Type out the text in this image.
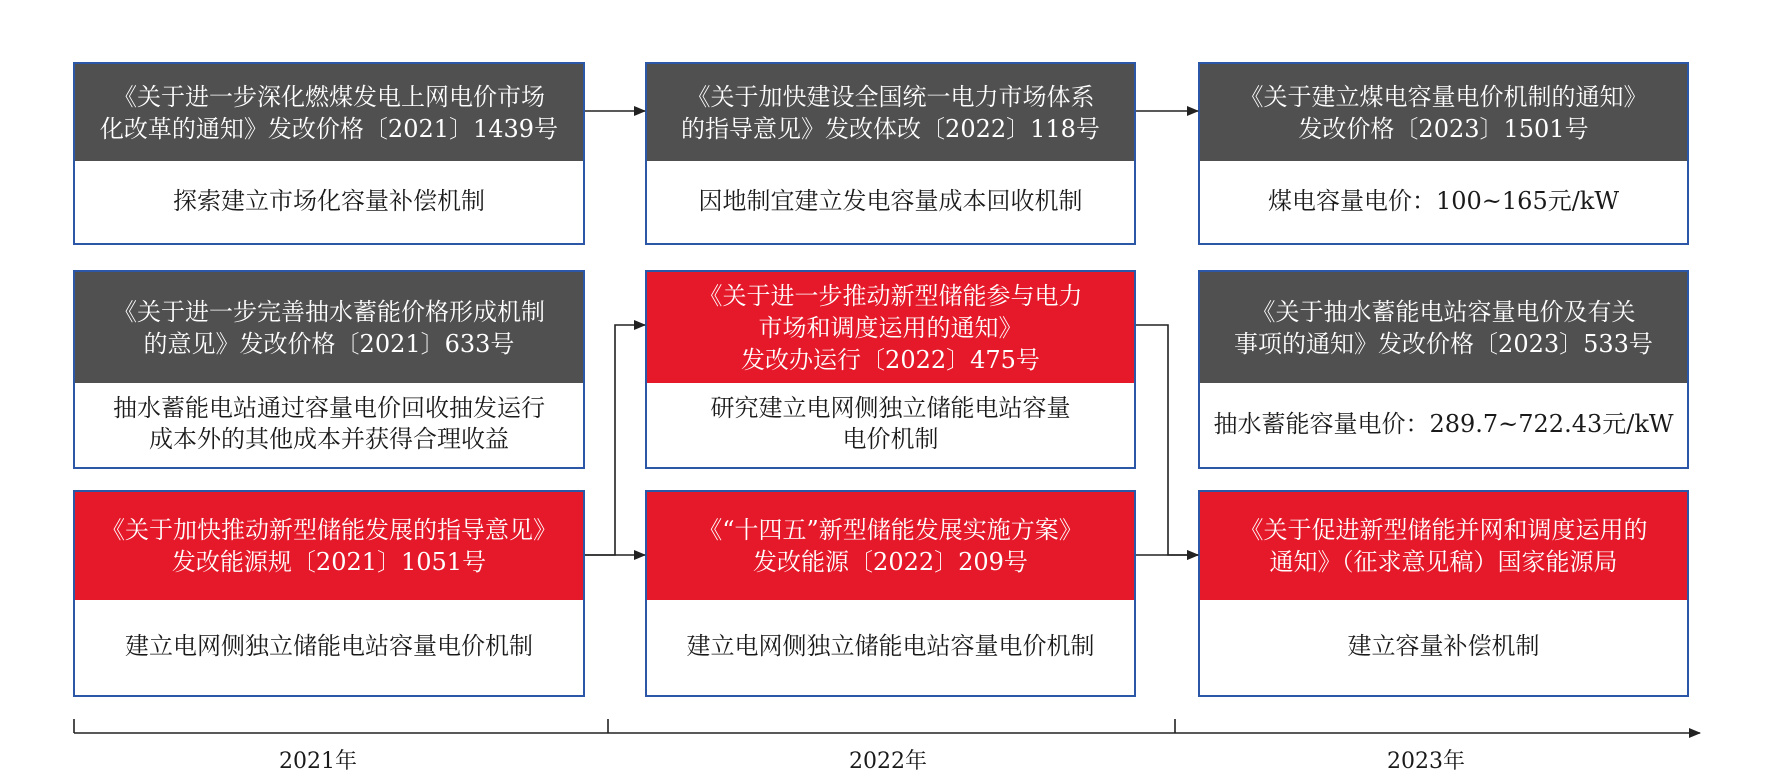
《关于进一步深化燃煤发电上网电价市场
化改革的通知》发改价格〔2021〕1439号
探索建立市场化容量补偿机制
《关于加快建设全国统一电力市场体系
的指导意见》发改体改〔2022〕118号
因地制宜建立发电容量成本回收机制
《关于建立煤电容量电价机制的通知》
发改价格〔2023〕1501号
煤电容量电价：100~165元/kW
《关于进一步完善抽水蓄能价格形成机制
的意见》发改价格〔2021〕633号
抽水蓄能电站通过容量电价回收抽发运行
成本外的其他成本并获得合理收益
《关于进一步推动新型储能参与电力
市场和调度运用的通知》
发改办运行〔2022〕475号
研究建立电网侧独立储能电站容量
电价机制
《关于抽水蓄能电站容量电价及有关
事项的通知》发改价格〔2023〕533号
抽水蓄能容量电价：289.7~722.43元/kW
《关于加快推动新型储能发展的指导意见》
发改能源规〔2021〕1051号
建立电网侧独立储能电站容量电价机制
《“十四五”新型储能发展实施方案》
发改能源〔2022〕209号
建立电网侧独立储能电站容量电价机制
《关于促进新型储能并网和调度运用的
通知》（征求意见稿）国家能源局
建立容量补偿机制
2021年	2022年	2023年
